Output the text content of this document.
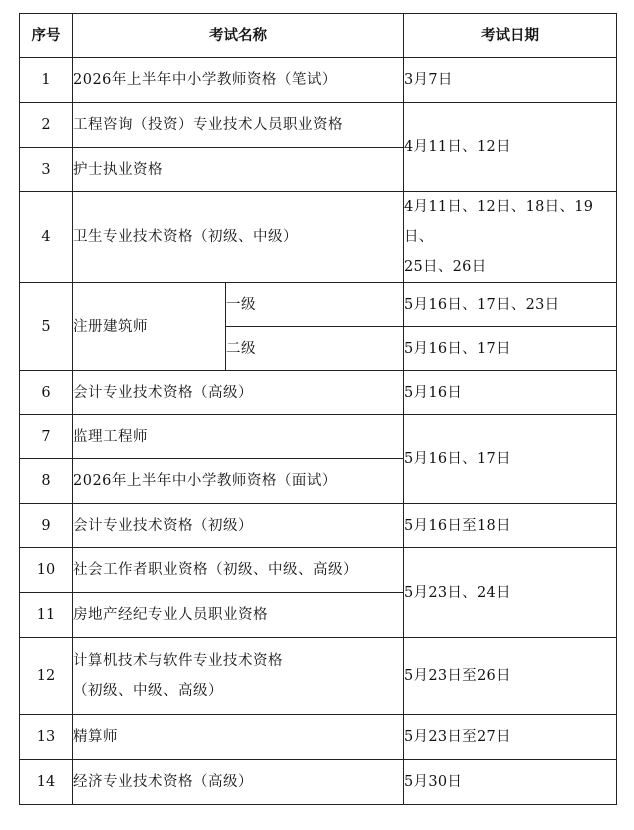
序号	考试名称		考试日期
1	2026年上半年中小学教师资格（笔试）		3月7日
2	工程咨询（投资）专业技术人员职业资格		4月11日、12日
3	护士执业资格		
4	卫生专业技术资格（初级、中级）		4月11日、12日、18日、19日、
25日、26日
5	注册建筑师	一级	5月16日、17日、23日
		二级	5月16日、17日
6	会计专业技术资格（高级）		5月16日
7	监理工程师		5月16日、17日
8	2026年上半年中小学教师资格（面试）		
9	会计专业技术资格（初级）		5月16日至18日
10	社会工作者职业资格（初级、中级、高级）		5月23日、24日
11	房地产经纪专业人员职业资格		
12	计算机技术与软件专业技术资格
（初级、中级、高级）		5月23日至26日
13	精算师		5月23日至27日
14	经济专业技术资格（高级）		5月30日
